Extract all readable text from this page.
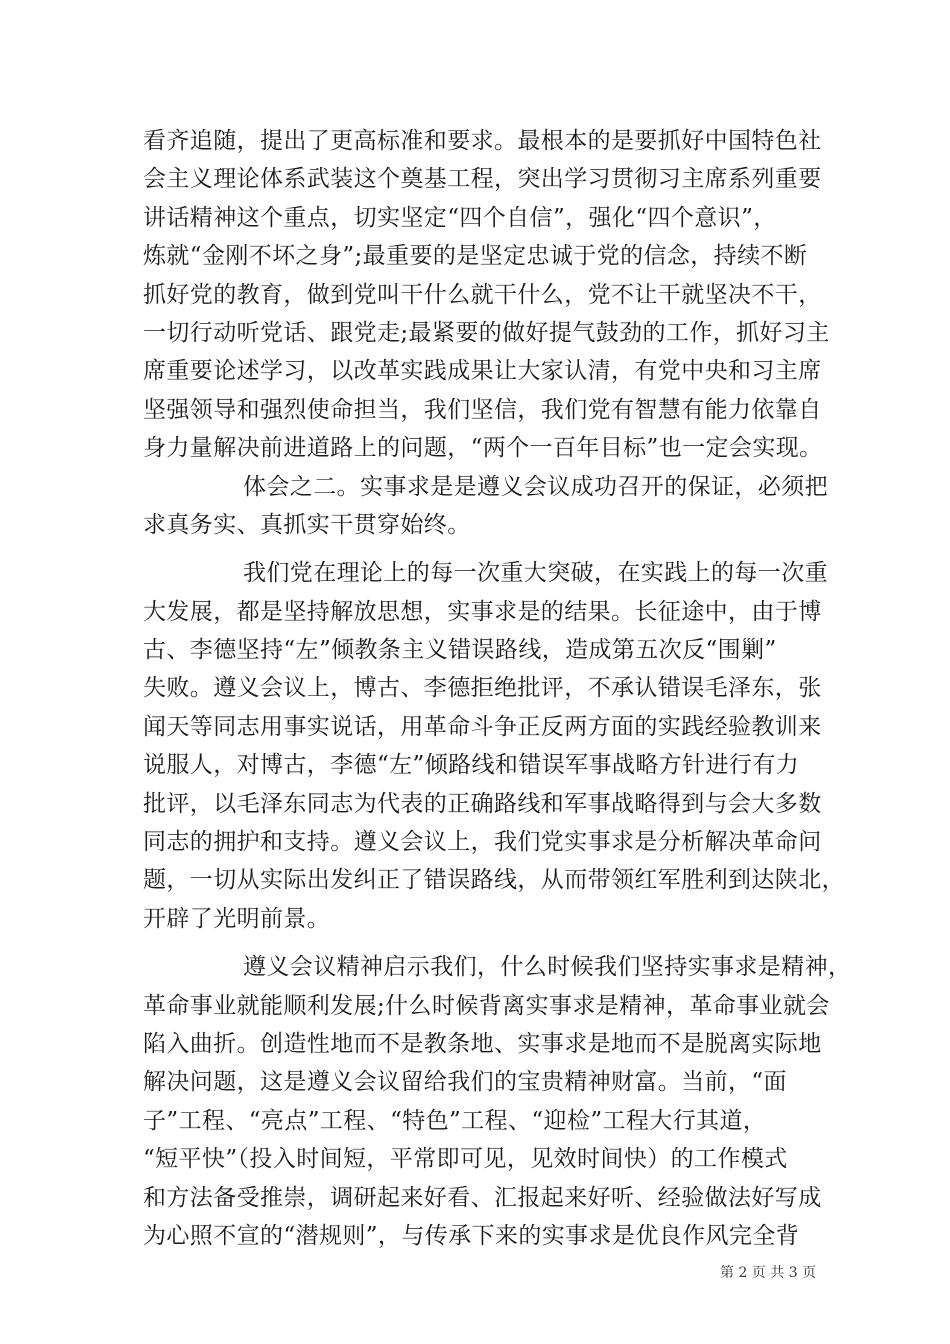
看齐追随，提出了更高标准和要求。最根本的是要抓好中国特色社
会主义理论体系武装这个奠基工程，突出学习贯彻习主席系列重要
讲话精神这个重点，切实坚定“四个自信”，强化“四个意识”，
炼就“金刚不坏之身”;最重要的是坚定忠诚于党的信念，持续不断
抓好党的教育，做到党叫干什么就干什么，党不让干就坚决不干，
一切行动听党话、跟党走;最紧要的做好提气鼓劲的工作，抓好习主
席重要论述学习，以改革实践成果让大家认清，有党中央和习主席
坚强领导和强烈使命担当，我们坚信，我们党有智慧有能力依靠自
身力量解决前进道路上的问题，“两个一百年目标”也一定会实现。
体会之二。实事求是是遵义会议成功召开的保证，必须把
求真务实、真抓实干贯穿始终。
我们党在理论上的每一次重大突破，在实践上的每一次重
大发展，都是坚持解放思想，实事求是的结果。长征途中，由于博
古、李德坚持“左”倾教条主义错误路线，造成第五次反“围剿”
失败。遵义会议上，博古、李德拒绝批评，不承认错误毛泽东，张
闻天等同志用事实说话，用革命斗争正反两方面的实践经验教训来
说服人，对博古，李德“左”倾路线和错误军事战略方针进行有力
批评，以毛泽东同志为代表的正确路线和军事战略得到与会大多数
同志的拥护和支持。遵义会议上，我们党实事求是分析解决革命问
题，一切从实际出发纠正了错误路线，从而带领红军胜利到达陕北，
开辟了光明前景。
遵义会议精神启示我们，什么时候我们坚持实事求是精神，
革命事业就能顺利发展;什么时候背离实事求是精神，革命事业就会
陷入曲折。创造性地而不是教条地、实事求是地而不是脱离实际地
解决问题，这是遵义会议留给我们的宝贵精神财富。当前，“面
子”工程、“亮点”工程、“特色”工程、“迎检”工程大行其道，
“短平快”（投入时间短，平常即可见，见效时间快）的工作模式
和方法备受推崇，调研起来好看、汇报起来好听、经验做法好写成
为心照不宣的“潜规则”，与传承下来的实事求是优良作风完全背
第 2 页 共 3 页
